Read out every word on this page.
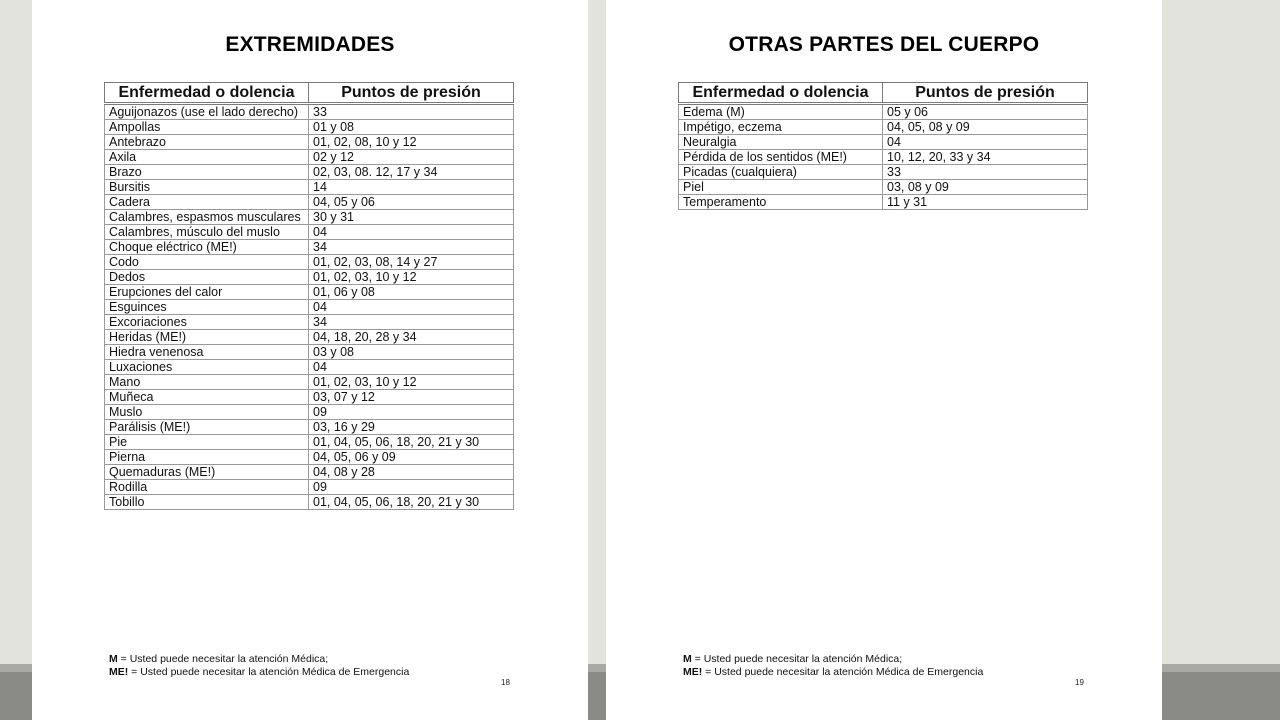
EXTREMIDADES
Enfermedad o dolencia	Puntos de presión
Aguijonazos (use el lado derecho)	33
Ampollas	01 y 08
Antebrazo	01, 02, 08, 10 y 12
Axila	02 y 12
Brazo	02, 03, 08. 12, 17 y 34
Bursitis	14
Cadera	04, 05 y 06
Calambres, espasmos musculares	30 y 31
Calambres, músculo del muslo	04
Choque eléctrico (ME!)	34
Codo	01, 02, 03, 08, 14 y 27
Dedos	01, 02, 03, 10 y 12
Erupciones del calor	01, 06 y 08
Esguinces	04
Excoriaciones	34
Heridas (ME!)	04, 18, 20, 28 y 34
Hiedra venenosa	03 y 08
Luxaciones	04
Mano	01, 02, 03, 10 y 12
Muñeca	03, 07 y 12
Muslo	09
Parálisis (ME!)	03, 16 y 29
Pie	01, 04, 05, 06, 18, 20, 21 y 30
Pierna	04, 05, 06 y 09
Quemaduras (ME!)	04, 08 y 28
Rodilla	09
Tobillo	01, 04, 05, 06, 18, 20, 21 y 30
M = Usted puede necesitar la atención Médica;
ME! = Usted puede necesitar la atención Médica de Emergencia
18
OTRAS PARTES DEL CUERPO
Enfermedad o dolencia	Puntos de presión
Edema (M)	05 y 06
Impétigo, eczema	04, 05, 08 y 09
Neuralgia	04
Pérdida de los sentidos (ME!)	10, 12, 20, 33 y 34
Picadas (cualquiera)	33
Piel	03, 08 y 09
Temperamento	11 y 31
M = Usted puede necesitar la atención Médica;
ME! = Usted puede necesitar la atención Médica de Emergencia
19
